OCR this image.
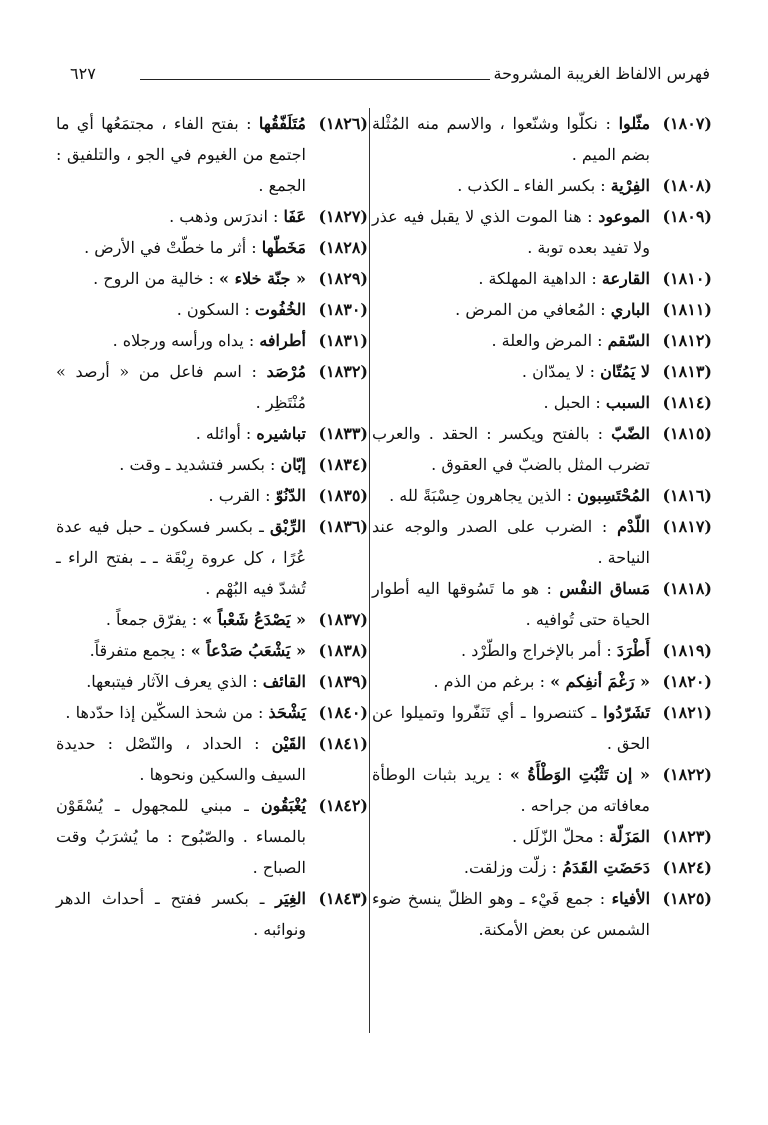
فهرس الالفاظ الغريبة المشروحة
٦٢٧
(١٨٠٧)
مثّلوا : نكلّوا وشنّعوا ، والاسم منه المُثْلة بضم الميم .
(١٨٠٨)
الفِرْية : بكسر الفاء ـ الكذب .
(١٨٠٩)
الموعود : هنا الموت الذي لا يقبل فيه عذر ولا تفيد بعده توبة .
(١٨١٠)
القارعة : الداهية المهلكة .
(١٨١١)
الباري : المُعافي من المرض .
(١٨١٢)
السّقم : المرض والعلة .
(١٨١٣)
لا يَمُتّان : لا يمدّان .
(١٨١٤)
السبب : الحبل .
(١٨١٥)
الضّبّ : بالفتح ويكسر : الحقد . والعرب تضرب المثل بالضبّ في العقوق .
(١٨١٦)
المُحْتَسِبون : الذين يجاهرون حِسْبَةً لله .
(١٨١٧)
اللّدْم : الضرب على الصدر والوجه عند النياحة .
(١٨١٨)
مَساق النفْس : هو ما تَسُوقها اليه أطوار الحياة حتى تُوافيه .
(١٨١٩)
أَطْرَدَ : أمر بالإخراج والطّرْد .
(١٨٢٠)
« رَغْمَ أنفِكم » : برغم من الذم .
(١٨٢١)
تَشَرّدُوا ـ كتنصروا ـ أي تَنَفّروا وتميلوا عن الحق .
(١٨٢٢)
« إن تَثْبُتِ الوَطْأَةُ » : يريد بثبات الوطأة معافاته من جراحه .
(١٨٢٣)
المَزَلّة : محلّ الزّلَل .
(١٨٢٤)
دَحَضَتِ القَدَمُ : زلّت وزلقت.
(١٨٢٥)
الأفياء : جمع فَيْء ـ وهو الظلّ ينسخ ضوء الشمس عن بعض الأمكنة.
(١٨٢٦)
مُتَلَفّقُها : بفتح الفاء ، مجتمَعُها أي ما اجتمع من الغيوم في الجو ، والتلفيق : الجمع .
(١٨٢٧)
عَفَا : اندرَس وذهب .
(١٨٢٨)
مَخَطّها : أثر ما خطّتْ في الأرض .
(١٨٢٩)
« جنّة خلاء » : خالية من الروح .
(١٨٣٠)
الخُفُوت : السكون .
(١٨٣١)
أطرافه : يداه ورأسه ورجلاه .
(١٨٣٢)
مُرْصَد : اسم فاعل من « أرصد » مُنْتَظِر .
(١٨٣٣)
تباشيره : أوائله .
(١٨٣٤)
إبّان : بكسر فتشديد ـ وقت .
(١٨٣٥)
الدّنُوّ : القرب .
(١٨٣٦)
الرِّبْق ـ بكسر فسكون ـ حبل فيه عدة عُرًا ، كل عروة رِبْقَة ـ ـ بفتح الراء ـ تُشدّ فيه البُهْم .
(١٨٣٧)
« يَصْدَعُ شَعْباً » : يفرّق جمعاً .
(١٨٣٨)
« يَشْعَبُ صَدْعاً » : يجمع متفرقاً.
(١٨٣٩)
القائف : الذي يعرف الآثار فيتبعها.
(١٨٤٠)
يَشْحَذ : من شحذ السكّين إذا حدّدها .
(١٨٤١)
القَيْن : الحداد ، والنّصْل : حديدة السيف والسكين ونحوها .
(١٨٤٢)
يُغْبَقُون ـ مبني للمجهول ـ يُسْقَوْن بالمساء . والصّبُوح : ما يُشرَبُ وقت الصباح .
(١٨٤٣)
الغِيَر ـ بكسر ففتح ـ أحداث الدهر ونوائبه .
